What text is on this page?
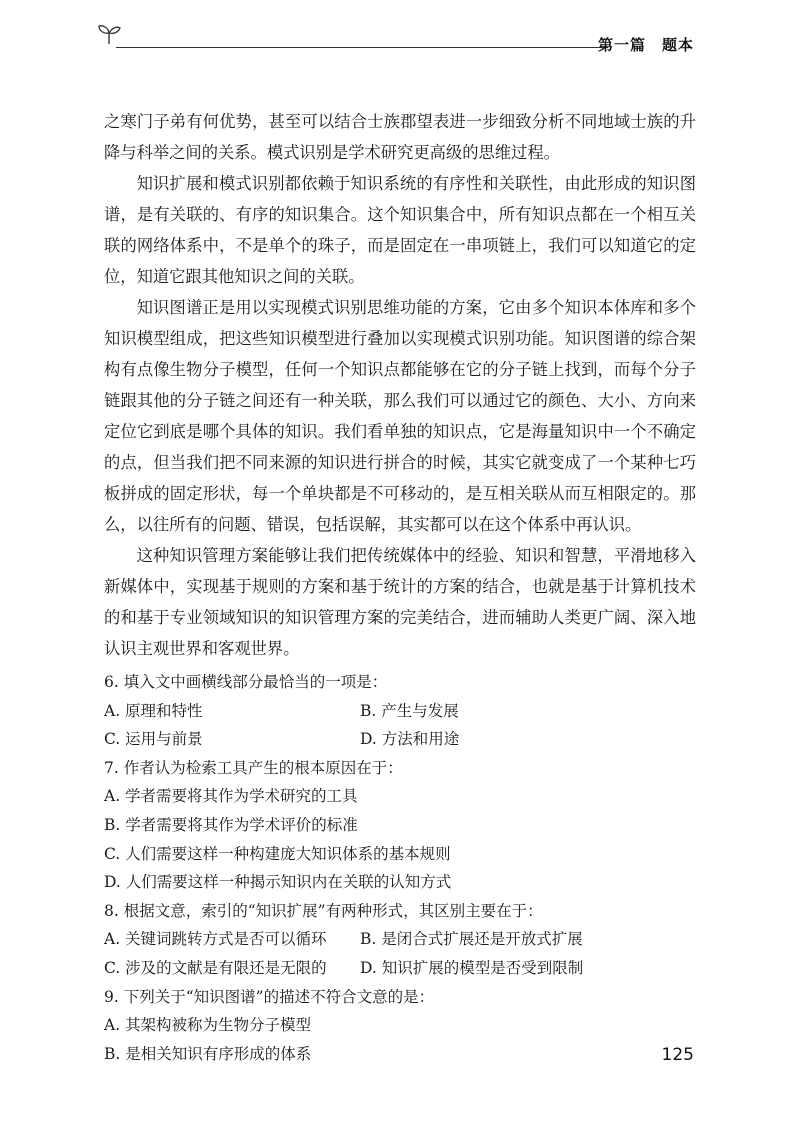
第一篇　题本

之寒门子弟有何优势，甚至可以结合士族郡望表进一步细致分析不同地域士族的升降与科举之间的关系。模式识别是学术研究更高级的思维过程。

知识扩展和模式识别都依赖于知识系统的有序性和关联性，由此形成的知识图谱，是有关联的、有序的知识集合。这个知识集合中，所有知识点都在一个相互关联的网络体系中，不是单个的珠子，而是固定在一串项链上，我们可以知道它的定位，知道它跟其他知识之间的关联。

知识图谱正是用以实现模式识别思维功能的方案，它由多个知识本体库和多个知识模型组成，把这些知识模型进行叠加以实现模式识别功能。知识图谱的综合架构有点像生物分子模型，任何一个知识点都能够在它的分子链上找到，而每个分子链跟其他的分子链之间还有一种关联，那么我们可以通过它的颜色、大小、方向来定位它到底是哪个具体的知识。我们看单独的知识点，它是海量知识中一个不确定的点，但当我们把不同来源的知识进行拼合的时候，其实它就变成了一个某种七巧板拼成的固定形状，每一个单块都是不可移动的，是互相关联从而互相限定的。那么，以往所有的问题、错误，包括误解，其实都可以在这个体系中再认识。

这种知识管理方案能够让我们把传统媒体中的经验、知识和智慧，平滑地移入新媒体中，实现基于规则的方案和基于统计的方案的结合，也就是基于计算机技术的和基于专业领域知识的知识管理方案的完美结合，进而辅助人类更广阔、深入地认识主观世界和客观世界。

6. 填入文中画横线部分最恰当的一项是：
A. 原理和特性	B. 产生与发展
C. 运用与前景	D. 方法和用途
7. 作者认为检索工具产生的根本原因在于：
A. 学者需要将其作为学术研究的工具
B. 学者需要将其作为学术评价的标准
C. 人们需要这样一种构建庞大知识体系的基本规则
D. 人们需要这样一种揭示知识内在关联的认知方式
8. 根据文意，索引的“知识扩展”有两种形式，其区别主要在于：
A. 关键词跳转方式是否可以循环	B. 是闭合式扩展还是开放式扩展
C. 涉及的文献是有限还是无限的	D. 知识扩展的模型是否受到限制
9. 下列关于“知识图谱”的描述不符合文意的是：
A. 其架构被称为生物分子模型
B. 是相关知识有序形成的体系	125
